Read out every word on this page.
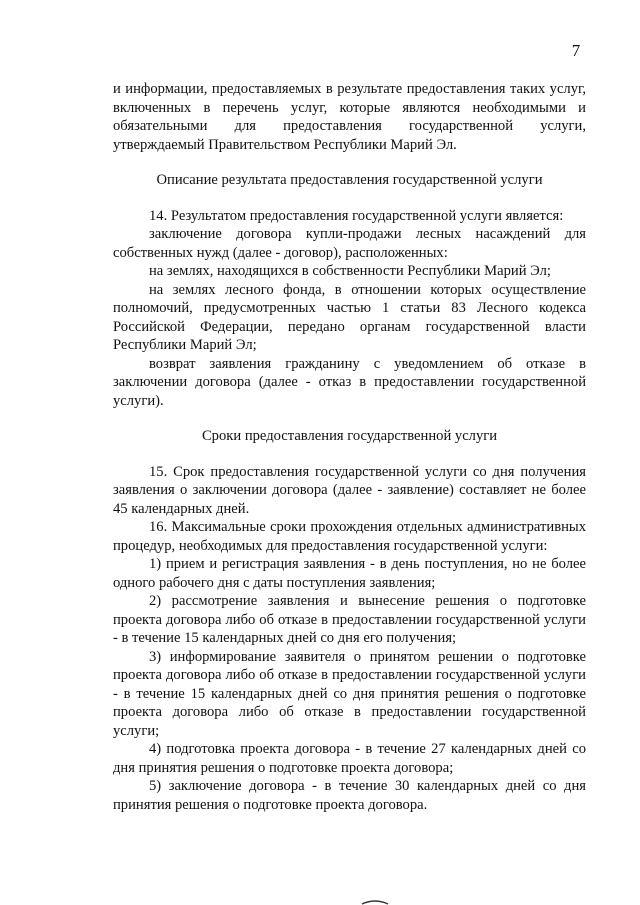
7

и информации, предоставляемых в результате предоставления таких услуг, включенных в перечень услуг, которые являются необходимыми и обязательными для предоставления государственной услуги, утверждаемый Правительством Республики Марий Эл.

Описание результата предоставления государственной услуги

14. Результатом предоставления государственной услуги является:

заключение договора купли-продажи лесных насаждений для собственных нужд (далее - договор), расположенных:

на землях, находящихся в собственности Республики Марий Эл;

на землях лесного фонда, в отношении которых осуществление полномочий, предусмотренных частью 1 статьи 83 Лесного кодекса Российской Федерации, передано органам государственной власти Республики Марий Эл;

возврат заявления гражданину с уведомлением об отказе в заключении договора (далее - отказ в предоставлении государственной услуги).

Сроки предоставления государственной услуги

15. Срок предоставления государственной услуги со дня получения заявления о заключении договора (далее - заявление) составляет не более 45 календарных дней.

16. Максимальные сроки прохождения отдельных административных процедур, необходимых для предоставления государственной услуги:

1) прием и регистрация заявления - в день поступления, но не более одного рабочего дня с даты поступления заявления;

2) рассмотрение заявления и вынесение решения о подготовке проекта договора либо об отказе в предоставлении государственной услуги - в течение 15 календарных дней со дня его получения;

3) информирование заявителя о принятом решении о подготовке проекта договора либо об отказе в предоставлении государственной услуги - в течение 15 календарных дней со дня принятия решения о подготовке проекта договора либо об отказе в предоставлении государственной услуги;

4) подготовка проекта договора - в течение 27 календарных дней со дня принятия решения о подготовке проекта договора;

5) заключение договора - в течение 30 календарных дней со дня принятия решения о подготовке проекта договора.
